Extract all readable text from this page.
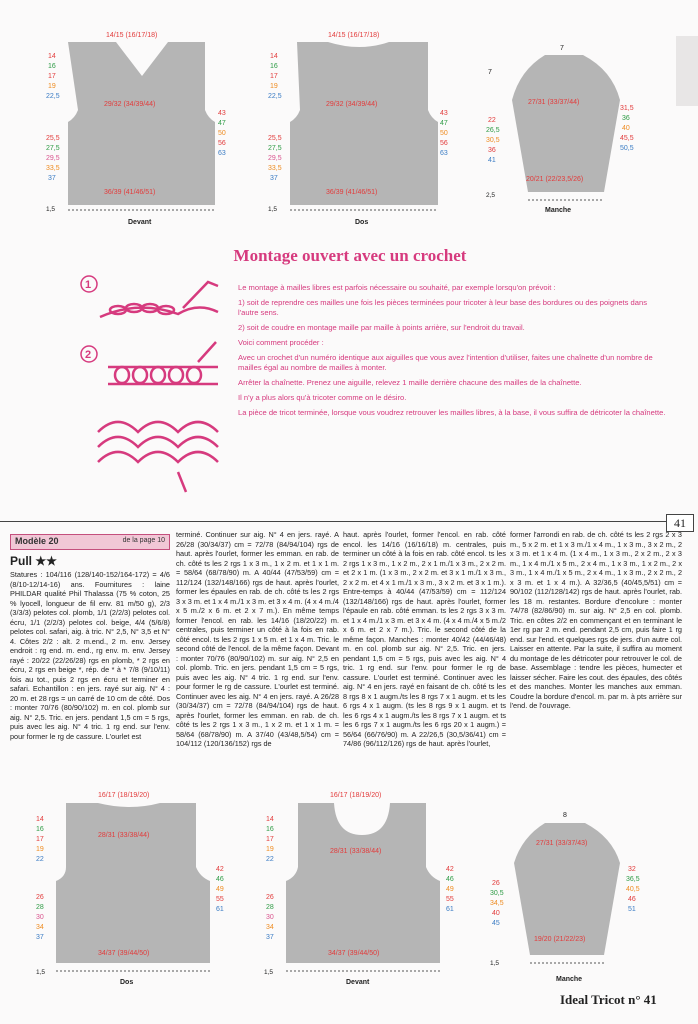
14/15 (16/17/18)
29/32 (34/39/44)
36/39 (41/46/51)
14
16
17
19
22,5
25,5
27,5
29,5
33,5
37
43
47
50
56
63
1,5
Devant
14/15 (16/17/18)
29/32 (34/39/44)
36/39 (41/46/51)
14
16
17
19
22,5
25,5
27,5
29,5
33,5
37
43
47
50
56
63
1,5
Dos
7
27/31 (33/37/44)
20/21 (22/23,5/26)
22
26,5
30,5
36
41
31,5
36
40
45,5
50,5
7
2,5
Manche
Montage ouvert avec un crochet
1
2

Le montage à mailles libres est parfois nécessaire ou souhaité, par exemple lorsqu'on prévoit :

1) soit de reprendre ces mailles une fois les pièces terminées pour tricoter à leur base des bordures ou des poignets dans l'autre sens.

2) soit de coudre en montage maille par maille à points arrière, sur l'endroit du travail.

Voici comment procéder :

Avec un crochet d'un numéro identique aux aiguilles que vous avez l'intention d'utiliser, faites une chaînette d'un nombre de mailles égal au nombre de mailles à monter.

Arrêter la chaînette. Prenez une aiguille, relevez 1 maille derrière chacune des mailles de la chaînette.

Il n'y a plus alors qu'à tricoter comme on le désiro.

La pièce de tricot terminée, lorsque vous voudrez retrouver les mailles libres, à la base, il vous suffira de détricoter la chaînette.

41
Modèle 20	de la page 10
Pull ★★

Statures : 104/116 (128/140-152/164-172) = 4/6 (8/10-12/14-16) ans. Fournitures : laine PHILDAR qualité Phil Thalassa (75 % coton, 25 % lyocell, longueur de fil env. 81 m/50 g), 2/3 (3/3/3) pelotes col. plomb, 1/1 (2/2/3) pelotes col. écru, 1/1 (2/2/3) pelotes col. beige, 4/4 (5/6/8) pelotes col. safari, aig. à tric. N° 2,5, N° 3,5 et N° 4. Côtes 2/2 : alt. 2 m.end., 2 m. env. Jersey endroit : rg end. m. end., rg env. m. env. Jersey rayé : 20/22 (22/26/28) rgs en plomb, * 2 rgs en écru, 2 rgs en beige *, rép. de * à * 7/8 (9/10/11) fois au tot., puis 2 rgs en écru et terminer en safari. Echantillon : en jers. rayé sur aig. N° 4 : 20 m. et 28 rgs = un carré de 10 cm de côté. Dos : monter 70/76 (80/90/102) m. en col. plomb sur aig. N° 2,5. Tric. en jers. pendant 1,5 cm = 5 rgs, puis avec les aig. N° 4 tric. 1 rg end. sur l'env. pour former le rg de cassure. L'ourlet est

terminé. Continuer sur aig. N° 4 en jers. rayé. A 26/28 (30/34/37) cm = 72/78 (84/94/104) rgs de haut. après l'ourlet, former les emman. en rab. de ch. côté ts les 2 rgs 1 x 3 m., 1 x 2 m. et 1 x 1 m. = 58/64 (68/78/90) m. A 40/44 (47/53/59) cm = 112/124 (132/148/166) rgs de haut. après l'ourlet, former les épaules en rab. de ch. côté ts les 2 rgs 3 x 3 m. et 1 x 4 m./1 x 3 m. et 3 x 4 m. (4 x 4 m./4 x 5 m./2 x 6 m. et 2 x 7 m.). En même temps former l'encol. en rab. les 14/16 (18/20/22) m. centrales, puis terminer un côté à la fois en rab. côté encol. ts les 2 rgs 1 x 5 m. et 1 x 4 m. Tric. le second côté de l'encol. de la même façon. Devant : monter 70/76 (80/90/102) m. sur aig. N° 2,5 en col. plomb. Tric. en jers. pendant 1,5 cm = 5 rgs, puis avec les aig. N° 4 tric. 1 rg end. sur l'env. pour former le rg de cassure. L'ourlet est terminé. Continuer avec les aig. N° 4 en jers. rayé. A 26/28 (30/34/37) cm = 72/78 (84/94/104) rgs de haut. après l'ourlet, former les emman. en rab. de ch. côté ts les 2 rgs 1 x 3 m., 1 x 2 m. et 1 x 1 m. = 58/64 (68/78/90) m. A 37/40 (43/48,5/54) cm = 104/112 (120/136/152) rgs de

haut. après l'ourlet, former l'encol. en rab. côté encol. les 14/16 (16/16/18) m. centrales, puis terminer un côté à la fois en rab. côté encol. ts les 2 rgs 1 x 3 m., 1 x 2 m., 2 x 1 m./1 x 3 m., 2 x 2 m. et 2 x 1 m. (1 x 3 m., 2 x 2 m. et 3 x 1 m./1 x 3 m., 2 x 2 m. et 4 x 1 m./1 x 3 m., 3 x 2 m. et 3 x 1 m.). Entre-temps à 40/44 (47/53/59) cm = 112/124 (132/148/166) rgs de haut. après l'ourlet, former l'épaule en rab. côté emman. ts les 2 rgs 3 x 3 m. et 1 x 4 m./1 x 3 m. et 3 x 4 m. (4 x 4 m./4 x 5 m./2 x 6 m. et 2 x 7 m.). Tric. le second côté de la même façon. Manches : monter 40/42 (44/46/48) m. en col. plomb sur aig. N° 2,5. Tric. en jers. pendant 1,5 cm = 5 rgs, puis avec les aig. N° 4 tric. 1 rg end. sur l'env. pour former le rg de cassure. L'ourlet est terminé. Continuer avec les aig. N° 4 en jers. rayé en faisant de ch. côté ts les 8 rgs 8 x 1 augm./ts les 8 rgs 7 x 1 augm. et ts les 6 rgs 4 x 1 augm. (ts les 8 rgs 9 x 1 augm. et ts les 6 rgs 4 x 1 augm./ts les 8 rgs 7 x 1 augm. et ts les 6 rgs 7 x 1 augm./ts les 6 rgs 20 x 1 augm.) = 56/64 (66/76/90) m. A 22/26,5 (30,5/36/41) cm = 74/86 (96/112/126) rgs de haut. après l'ourlet,

former l'arrondi en rab. de ch. côté ts les 2 rgs 2 x 3 m., 5 x 2 m. et 1 x 3 m./1 x 4 m., 1 x 3 m., 3 x 2 m., 2 x 3 m. et 1 x 4 m. (1 x 4 m., 1 x 3 m., 2 x 2 m., 2 x 3 m., 1 x 4 m./1 x 5 m., 2 x 4 m., 1 x 3 m., 1 x 2 m., 2 x 3 m., 1 x 4 m./1 x 5 m., 2 x 4 m., 1 x 3 m., 2 x 2 m., 2 x 3 m. et 1 x 4 m.). A 32/36,5 (40/45,5/51) cm = 90/102 (112/128/142) rgs de haut. après l'ourlet, rab. les 18 m. restantes. Bordure d'encolure : monter 74/78 (82/86/90) m. sur aig. N° 2,5 en col. plomb. Tric. en côtes 2/2 en commençant et en terminant le 1er rg par 2 m. end. pendant 2,5 cm, puis faire 1 rg end. sur l'end. et quelques rgs de jers. d'un autre col. Laisser en attente. Par la suite, il suffira au moment du montage de les détricoter pour retrouver le col. de base. Assemblage : tendre les pièces, humecter et laisser sécher. Faire les cout. des épaules, des côtés et des manches. Monter les manches aux emman. Coudre la bordure d'encol. m. par m. à pts arrière sur l'end. de l'ouvrage.

16/17 (18/19/20)
28/31 (33/38/44)
34/37 (39/44/50)
14
16
17
19
22
26
28
30
34
37
42
46
49
55
61
1,5
Dos
16/17 (18/19/20)
28/31 (33/38/44)
34/37 (39/44/50)
14
16
17
19
22
26
28
30
34
37
42
46
49
55
61
1,5
Devant
8
27/31 (33/37/43)
19/20 (21/22/23)
26
30,5
34,5
40
45
32
36,5
40,5
46
51
1,5
Manche
Ideal Tricot n° 41
